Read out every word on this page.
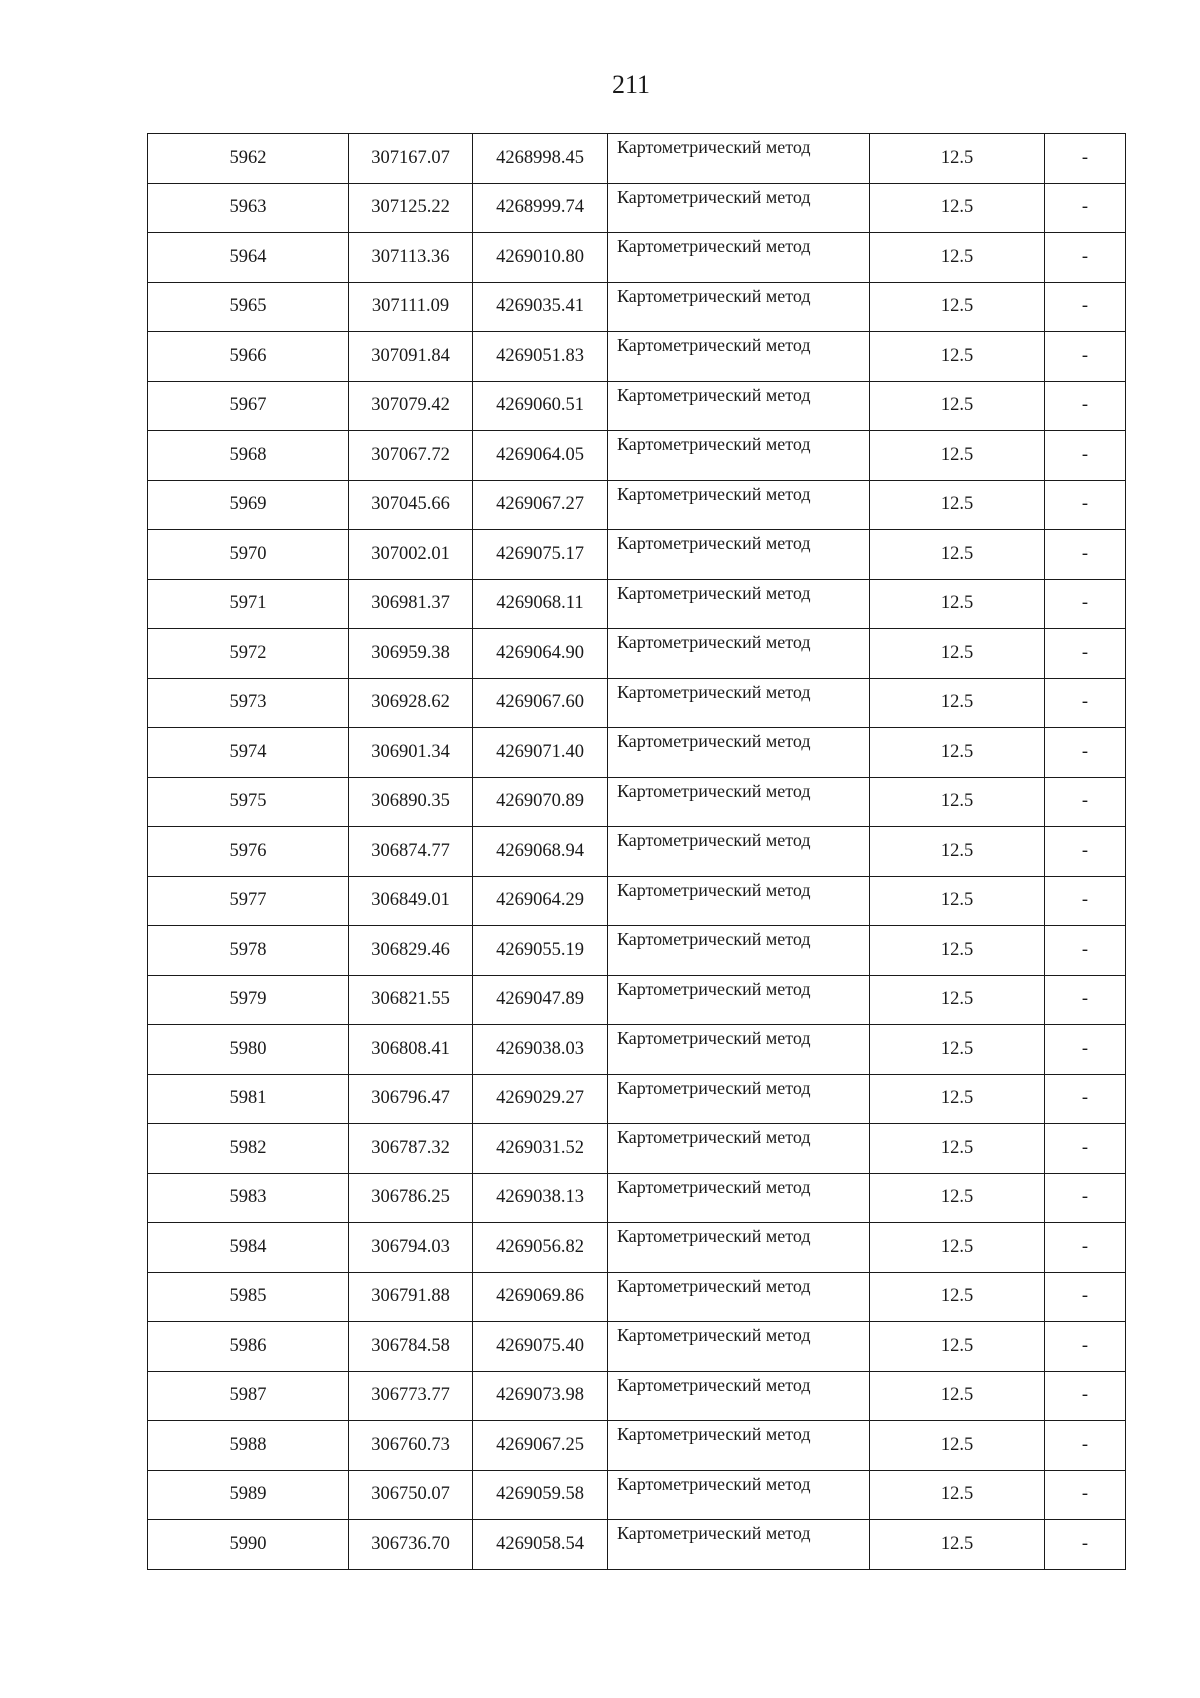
211
5962	307167.07	4268998.45	Картометрический метод	12.5	-
5963	307125.22	4268999.74	Картометрический метод	12.5	-
5964	307113.36	4269010.80	Картометрический метод	12.5	-
5965	307111.09	4269035.41	Картометрический метод	12.5	-
5966	307091.84	4269051.83	Картометрический метод	12.5	-
5967	307079.42	4269060.51	Картометрический метод	12.5	-
5968	307067.72	4269064.05	Картометрический метод	12.5	-
5969	307045.66	4269067.27	Картометрический метод	12.5	-
5970	307002.01	4269075.17	Картометрический метод	12.5	-
5971	306981.37	4269068.11	Картометрический метод	12.5	-
5972	306959.38	4269064.90	Картометрический метод	12.5	-
5973	306928.62	4269067.60	Картометрический метод	12.5	-
5974	306901.34	4269071.40	Картометрический метод	12.5	-
5975	306890.35	4269070.89	Картометрический метод	12.5	-
5976	306874.77	4269068.94	Картометрический метод	12.5	-
5977	306849.01	4269064.29	Картометрический метод	12.5	-
5978	306829.46	4269055.19	Картометрический метод	12.5	-
5979	306821.55	4269047.89	Картометрический метод	12.5	-
5980	306808.41	4269038.03	Картометрический метод	12.5	-
5981	306796.47	4269029.27	Картометрический метод	12.5	-
5982	306787.32	4269031.52	Картометрический метод	12.5	-
5983	306786.25	4269038.13	Картометрический метод	12.5	-
5984	306794.03	4269056.82	Картометрический метод	12.5	-
5985	306791.88	4269069.86	Картометрический метод	12.5	-
5986	306784.58	4269075.40	Картометрический метод	12.5	-
5987	306773.77	4269073.98	Картометрический метод	12.5	-
5988	306760.73	4269067.25	Картометрический метод	12.5	-
5989	306750.07	4269059.58	Картометрический метод	12.5	-
5990	306736.70	4269058.54	Картометрический метод	12.5	-
